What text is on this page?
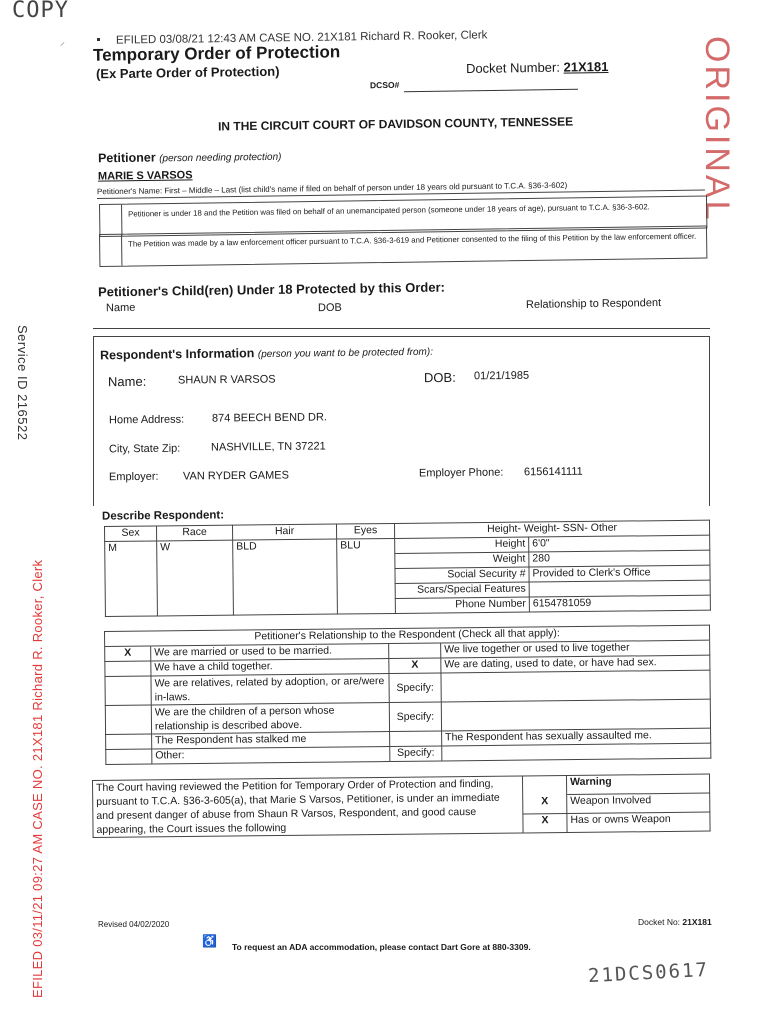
COPY
ORIGINAL
EFILED 03/11/21 09:27 AM CASE NO. 21X181 Richard R. Rooker, Clerk
Service ID 216522
21DCS0617
⸝	EFILED 03/08/21 12:43 AM CASE NO. 21X181 Richard R. Rooker, Clerk
Temporary Order of Protection
(Ex Parte Order of Protection)	Docket Number: 21X181
DCSO#
IN THE CIRCUIT COURT OF DAVIDSON COUNTY, TENNESSEE
Petitioner (person needing protection)
MARIE S VARSOS
Petitioner's Name: First – Middle – Last (list child's name if filed on behalf of person under 18 years old pursuant to T.C.A. §36-3-602)
Petitioner is under 18 and the Petition was filed on behalf of an unemancipated person (someone under 18 years of age), pursuant to T.C.A. §36-3-602.
The Petition was made by a law enforcement officer pursuant to T.C.A. §36-3-619 and Petitioner consented to the filing of this Petition by the law enforcement officer.
Petitioner's Child(ren) Under 18 Protected by this Order:
Name	DOB	Relationship to Respondent
Respondent's Information (person you want to be protected from):
Name:	SHAUN R VARSOS	DOB: 01/21/1985
Home Address:	874 BEECH BEND DR.
City, State Zip:	NASHVILLE, TN 37221
Employer: VAN RYDER GAMES	Employer Phone: 6156141111
Describe Respondent:
Sex	Race	Hair	Eyes	Height- Weight- SSN- Other	
M	W	BLD	BLU	Height	6'0"
				Weight	280
				Social Security #	Provided to Clerk's Office
				Scars/Special Features	
				Phone Number	6154781059
Petitioner's Relationship to the Respondent (Check all that apply):			
X	We are married or used to be married.		We live together or used to live together
	We have a child together.	X	We are dating, used to date, or have had sex.
	We are relatives, related by adoption, or are/were in-laws.	Specify:	
	We are the children of a person whose relationship is described above.	Specify:	
	The Respondent has stalked me		The Respondent has sexually assaulted me.
	Other:	Specify:	
The Court having reviewed the Petition for Temporary Order of Protection and finding, pursuant to T.C.A. §36-3-605(a), that Marie S Varsos, Petitioner, is under an immediate and present danger of abuse from Shaun R Varsos, Respondent, and good cause appearing, the Court issues the following		Warning
	X	Weapon Involved
	X	Has or owns Weapon
Revised 04/02/2020	Docket No: 21X181
♿ To request an ADA accommodation, please contact Dart Gore at 880-3309.
